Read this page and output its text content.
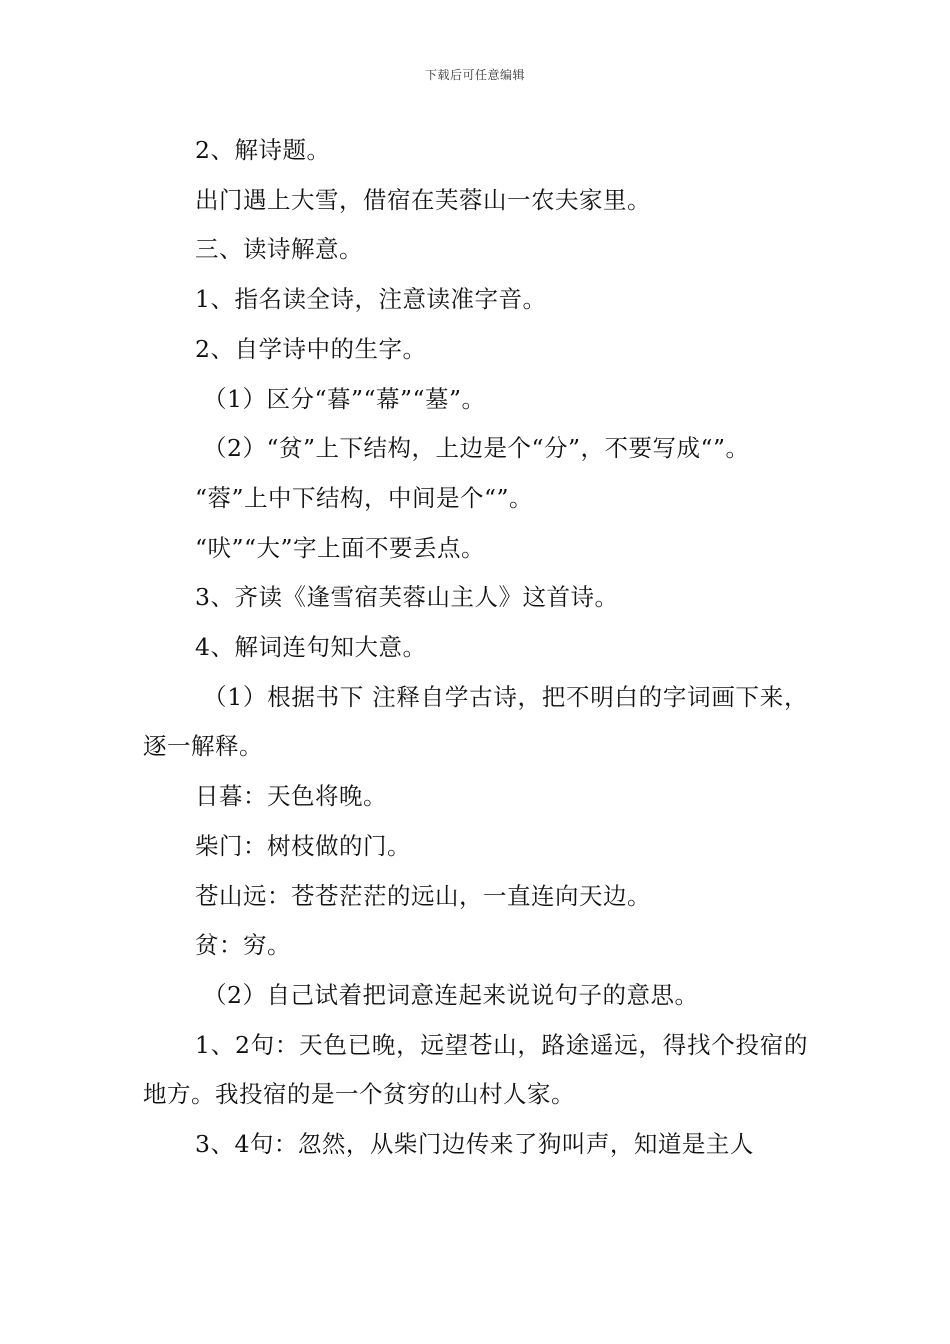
下载后可任意编辑

2、解诗题。

出门遇上大雪，借宿在芙蓉山一农夫家里。

三、读诗解意。

1、指名读全诗，注意读准字音。

2、自学诗中的生字。

（1）区分“暮”“幕”“墓”。

（2）“贫”上下结构，上边是个“分”，不要写成“”。

“蓉”上中下结构，中间是个“”。

“吠”“大”字上面不要丢点。

3、齐读《逢雪宿芙蓉山主人》这首诗。

4、解词连句知大意。

（1）根据书下 注释自学古诗，把不明白的字词画下来，逐一解释。

日暮：天色将晚。

柴门：树枝做的门。

苍山远：苍苍茫茫的远山，一直连向天边。

贫：穷。

（2）自己试着把词意连起来说说句子的意思。

1、2句：天色已晚，远望苍山，路途遥远，得找个投宿的地方。我投宿的是一个贫穷的山村人家。

3、4句：忽然，从柴门边传来了狗叫声，知道是主人
